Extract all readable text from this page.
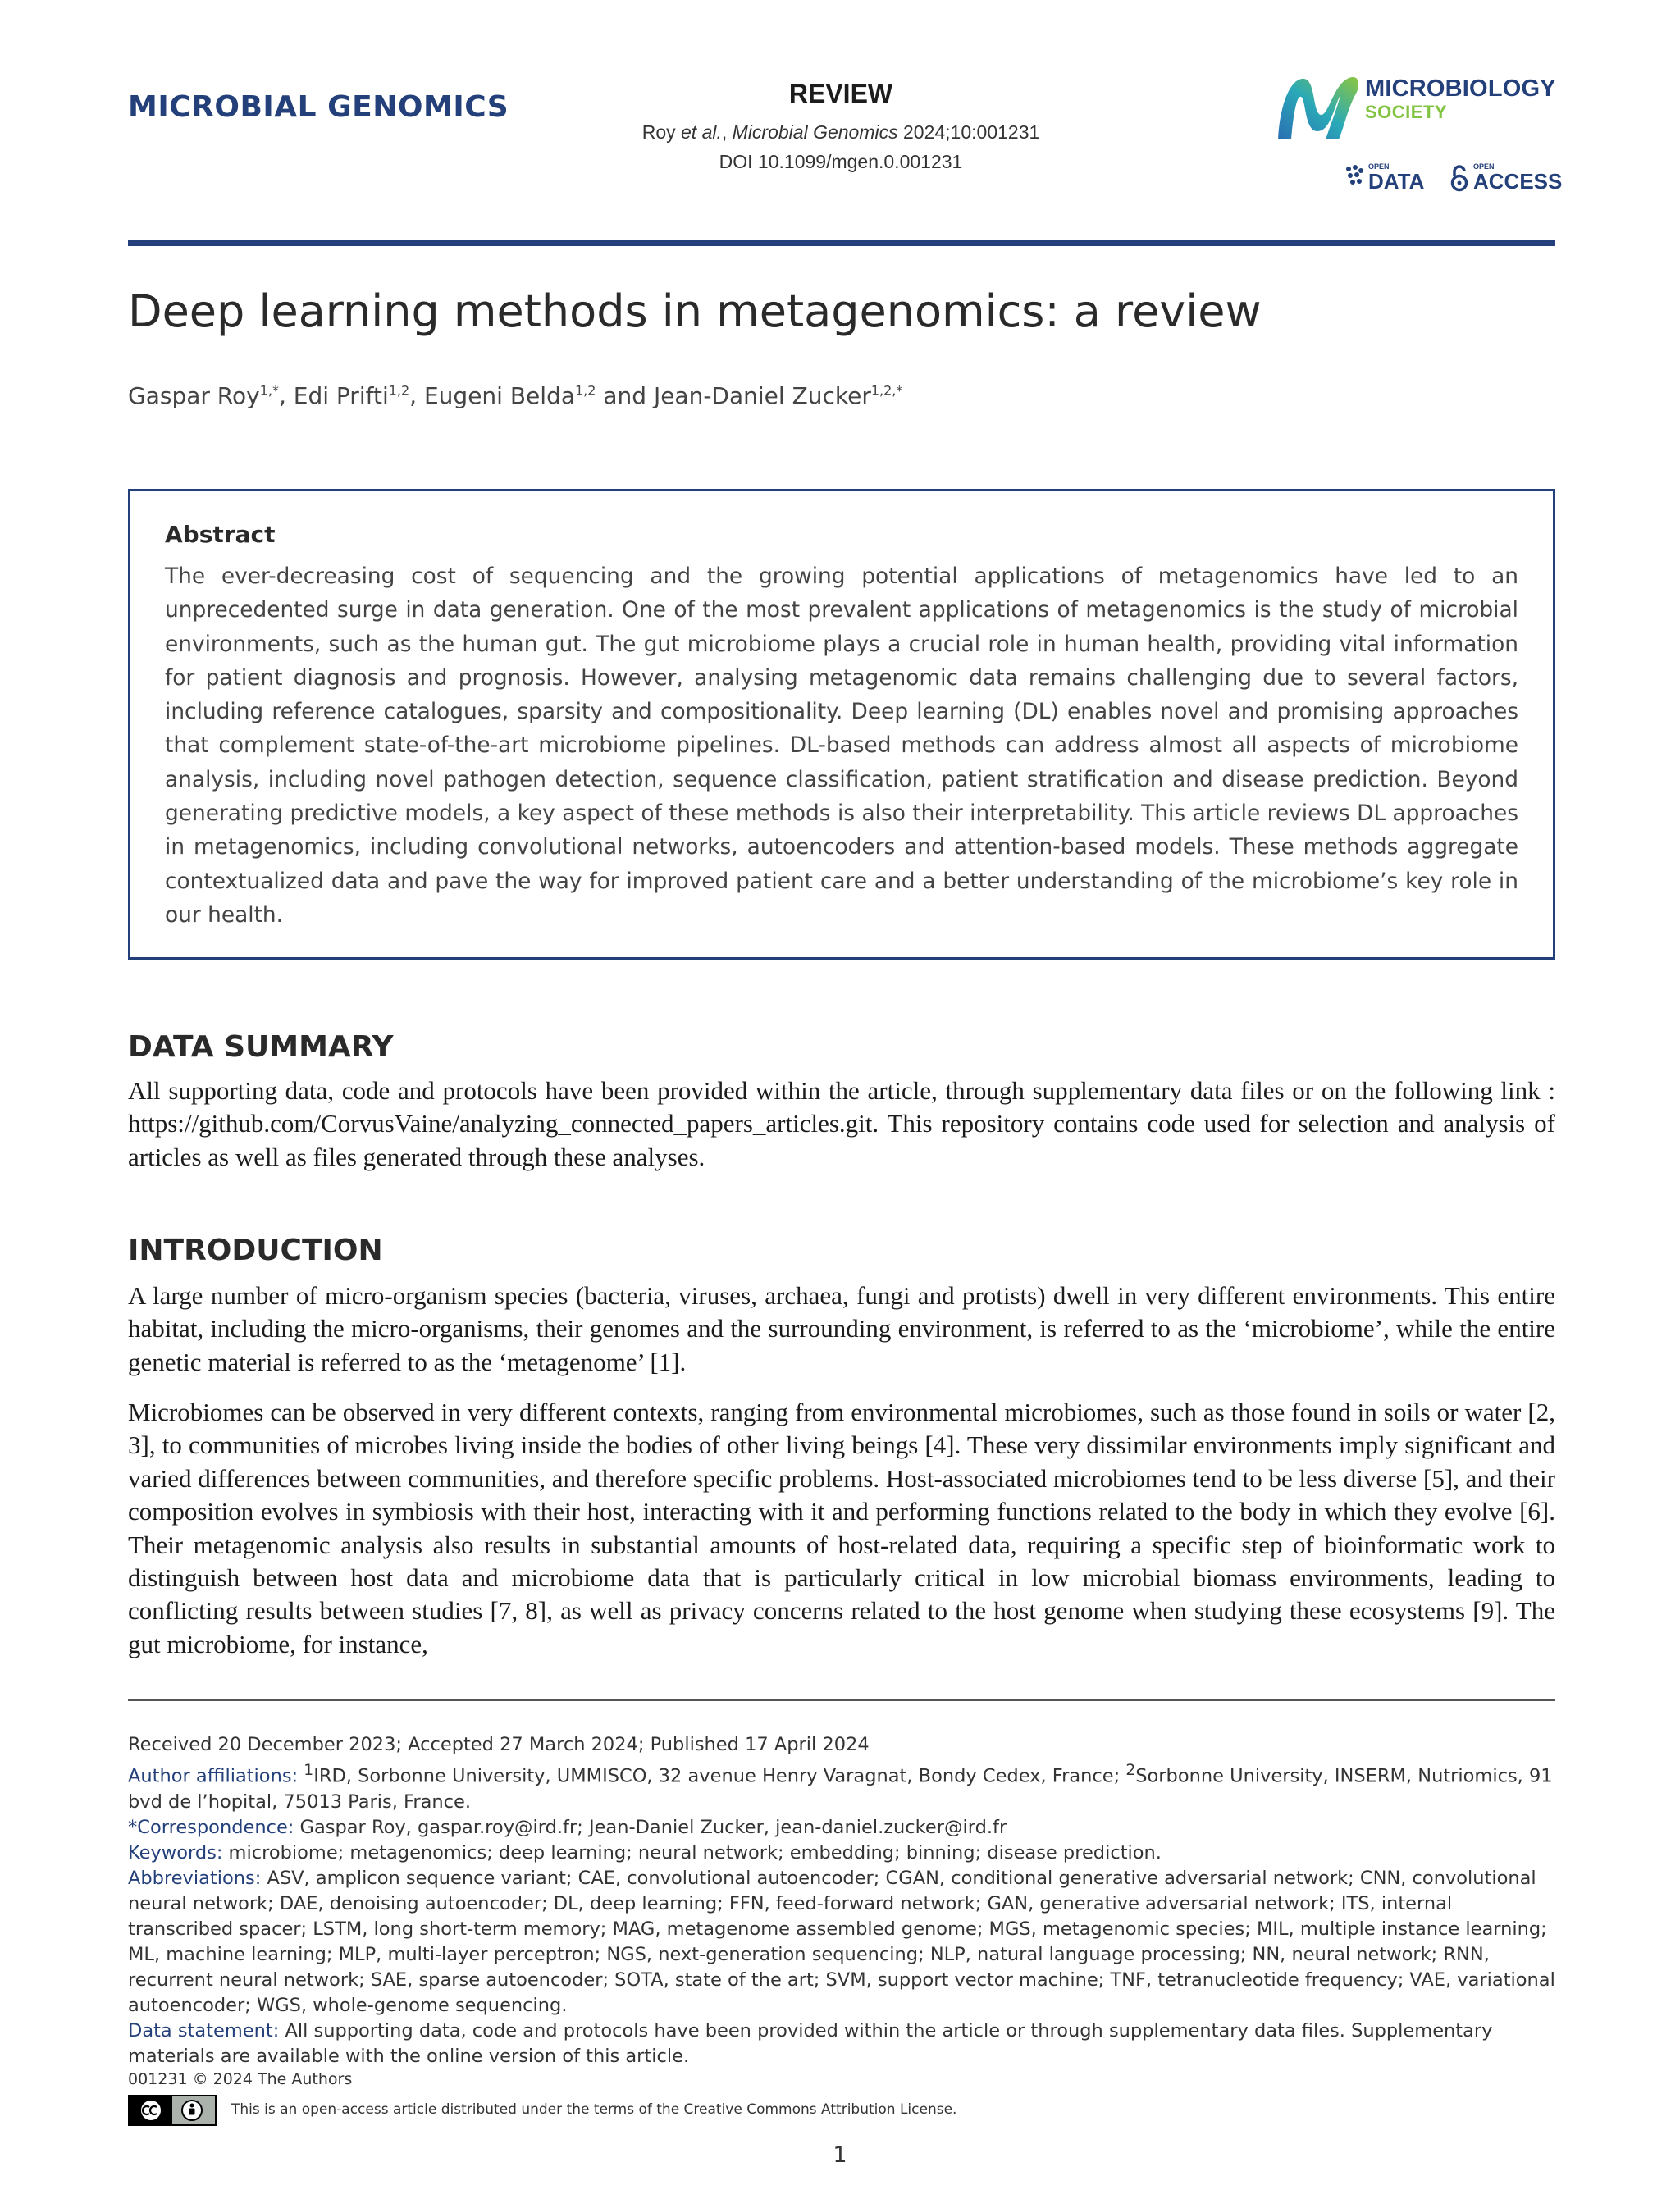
MICROBIAL GENOMICS	REVIEW
Roy et al., Microbial Genomics 2024;10:001231
DOI 10.1099/mgen.0.001231
MICROBIOLOGY
SOCIETY
OPEN
DATA
OPEN
ACCESS
Deep learning methods in metagenomics: a review
Gaspar Roy$^{1,*}$, Edi Prifti$^{1,2}$, Eugeni Belda$^{1,2}$ and Jean-Daniel Zucker$^{1,2,*}$
Abstract

The ever-decreasing cost of sequencing and the growing potential applications of metagenomics have led to an unprecedented surge in data generation. One of the most prevalent applications of metagenomics is the study of microbial environments, such as the human gut. The gut microbiome plays a crucial role in human health, providing vital information for patient diagnosis and prognosis. However, analysing metagenomic data remains challenging due to several factors, including reference catalogues, sparsity and compositionality. Deep learning (DL) enables novel and promising approaches that complement state-of-the-art microbiome pipelines. DL-based methods can address almost all aspects of microbiome analysis, including novel pathogen detection, sequence classification, patient stratification and disease prediction. Beyond generating predictive models, a key aspect of these methods is also their interpretability. This article reviews DL approaches in metagenomics, including convolutional networks, autoencoders and attention-based models. These methods aggregate contextualized data and pave the way for improved patient care and a better understanding of the microbiome’s key role in our health.

DATA SUMMARY

All supporting data, code and protocols have been provided within the article, through supplementary data files or on the following link : https://github.com/CorvusVaine/analyzing_connected_papers_articles.git. This repository contains code used for selection and analysis of articles as well as files generated through these analyses.

INTRODUCTION

A large number of micro-organism species (bacteria, viruses, archaea, fungi and protists) dwell in very different environments. This entire habitat, including the micro-organisms, their genomes and the surrounding environment, is referred to as the ‘microbiome’, while the entire genetic material is referred to as the ‘metagenome’ [1].

Microbiomes can be observed in very different contexts, ranging from environmental microbiomes, such as those found in soils or water [2, 3], to communities of microbes living inside the bodies of other living beings [4]. These very dissimilar environments imply significant and varied differences between communities, and therefore specific problems. Host-associated microbiomes tend to be less diverse [5], and their composition evolves in symbiosis with their host, interacting with it and performing functions related to the body in which they evolve [6]. Their metagenomic analysis also results in substantial amounts of host-related data, requiring a specific step of bioinformatic work to distinguish between host data and microbiome data that is particularly critical in low microbial biomass environments, leading to conflicting results between studies [7, 8], as well as privacy concerns related to the host genome when studying these ecosystems [9]. The gut microbiome, for instance,

Received 20 December 2023; Accepted 27 March 2024; Published 17 April 2024

Author affiliations: $^1$IRD, Sorbonne University, UMMISCO, 32 avenue Henry Varagnat, Bondy Cedex, France; $^2$Sorbonne University, INSERM, Nutriomics, 91 bvd de l’hopital, 75013 Paris, France.

*Correspondence: Gaspar Roy, gaspar.roy@ird.fr; Jean-Daniel Zucker, jean-daniel.zucker@ird.fr

Keywords: microbiome; metagenomics; deep learning; neural network; embedding; binning; disease prediction.

Abbreviations: ASV, amplicon sequence variant; CAE, convolutional autoencoder; CGAN, conditional generative adversarial network; CNN, convolutional neural network; DAE, denoising autoencoder; DL, deep learning; FFN, feed-forward network; GAN, generative adversarial network; ITS, internal transcribed spacer; LSTM, long short-term memory; MAG, metagenome assembled genome; MGS, metagenomic species; MIL, multiple instance learning; ML, machine learning; MLP, multi-layer perceptron; NGS, next-generation sequencing; NLP, natural language processing; NN, neural network; RNN, recurrent neural network; SAE, sparse autoencoder; SOTA, state of the art; SVM, support vector machine; TNF, tetranucleotide frequency; VAE, variational autoencoder; WGS, whole-genome sequencing.

Data statement: All supporting data, code and protocols have been provided within the article or through supplementary data files. Supplementary materials are available with the online version of this article.

001231 © 2024 The Authors

This is an open-access article distributed under the terms of the Creative Commons Attribution License.
1
